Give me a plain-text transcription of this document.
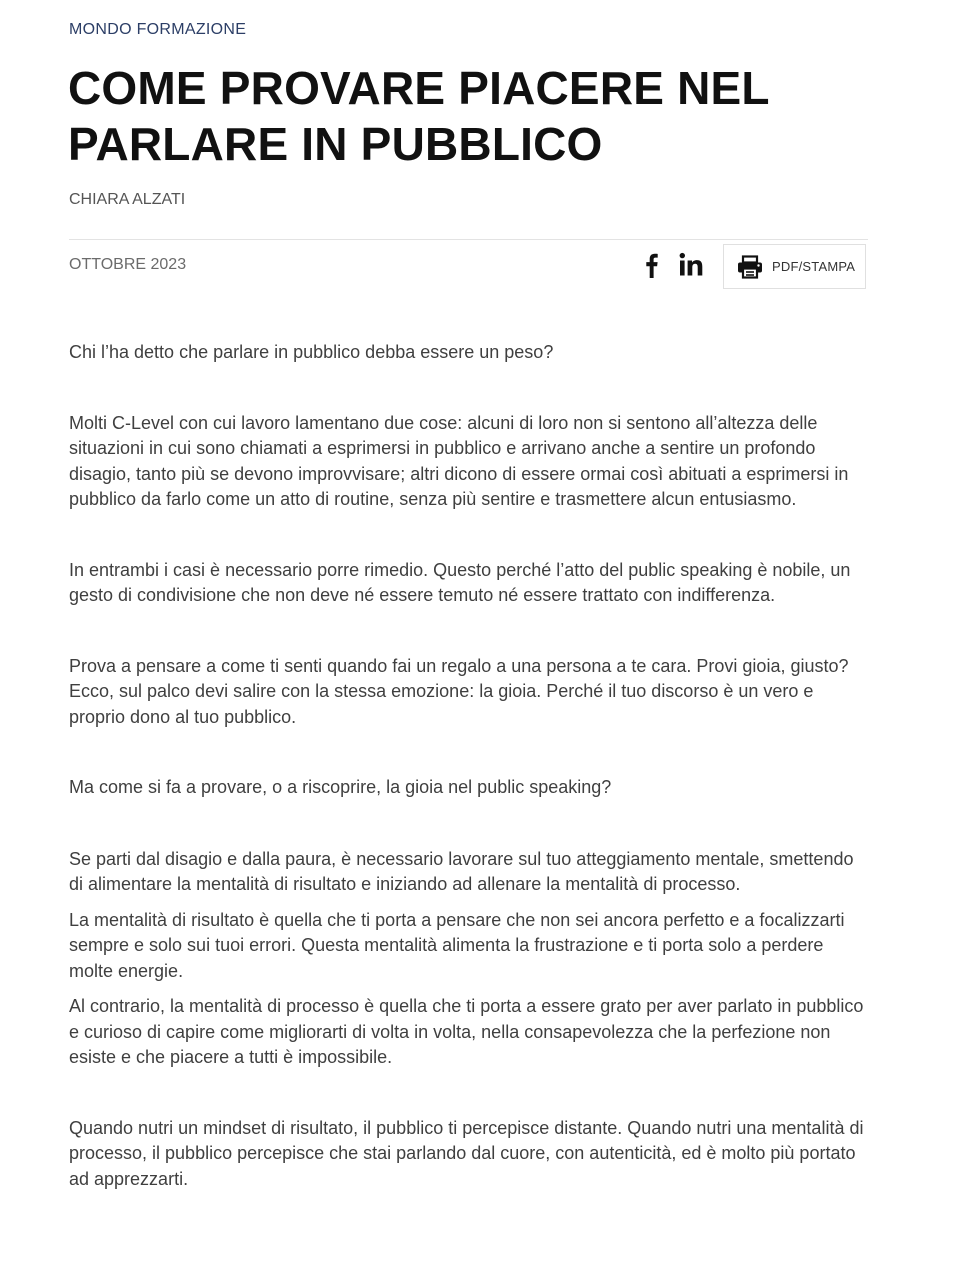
MONDO FORMAZIONE
COME PROVARE PIACERE NEL PARLARE IN PUBBLICO
CHIARA ALZATI
OTTOBRE 2023	PDF/STAMPA

Chi l’ha detto che parlare in pubblico debba essere un peso?

Molti C-Level con cui lavoro lamentano due cose: alcuni di loro non si sentono all’altezza delle situazioni in cui sono chiamati a esprimersi in pubblico e arrivano anche a sentire un profondo disagio, tanto più se devono improvvisare; altri dicono di essere ormai così abituati a esprimersi in pubblico da farlo come un atto di routine, senza più sentire e trasmettere alcun entusiasmo.

In entrambi i casi è necessario porre rimedio. Questo perché l’atto del public speaking è nobile, un gesto di condivisione che non deve né essere temuto né essere trattato con indifferenza.

Prova a pensare a come ti senti quando fai un regalo a una persona a te cara. Provi gioia, giusto? Ecco, sul palco devi salire con la stessa emozione: la gioia. Perché il tuo discorso è un vero e proprio dono al tuo pubblico.

Ma come si fa a provare, o a riscoprire, la gioia nel public speaking?

Se parti dal disagio e dalla paura, è necessario lavorare sul tuo atteggiamento mentale, smettendo di alimentare la mentalità di risultato e iniziando ad allenare la mentalità di processo.

La mentalità di risultato è quella che ti porta a pensare che non sei ancora perfetto e a focalizzarti sempre e solo sui tuoi errori. Questa mentalità alimenta la frustrazione e ti porta solo a perdere molte energie.

Al contrario, la mentalità di processo è quella che ti porta a essere grato per aver parlato in pubblico e curioso di capire come migliorarti di volta in volta, nella consapevolezza che la perfezione non esiste e che piacere a tutti è impossibile.

Quando nutri un mindset di risultato, il pubblico ti percepisce distante. Quando nutri una mentalità di processo, il pubblico percepisce che stai parlando dal cuore, con autenticità, ed è molto più portato ad apprezzarti.
